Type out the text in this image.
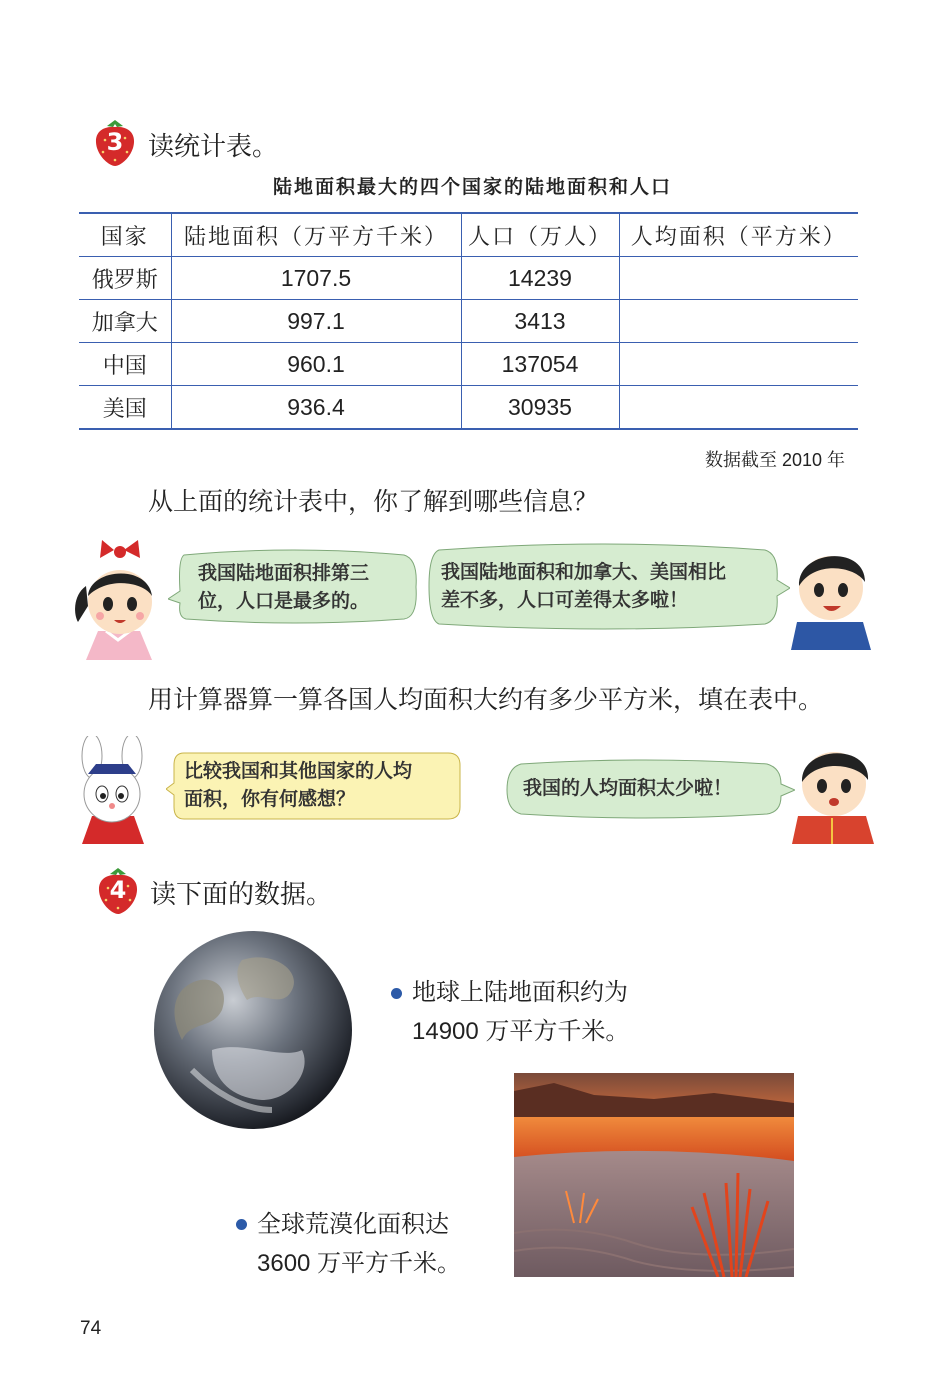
3 读统计表。
陆地面积最大的四个国家的陆地面积和人口
国家	陆地面积（万平方千米）	人口（万人）	人均面积（平方米）
俄罗斯	1707.5	14239	
加拿大	997.1	3413	
中国	960.1	137054	
美国	936.4	30935	
数据截至 2010 年
从上面的统计表中，你了解到哪些信息？
我国陆地面积排第三
位，人口是最多的。
我国陆地面积和加拿大、美国相比
差不多，人口可差得太多啦！
用计算器算一算各国人均面积大约有多少平方米，填在表中。
比较我国和其他国家的人均
面积，你有何感想？	我国的人均面积太少啦！
4 读下面的数据。
地球上陆地面积约为
14900 万平方千米。
全球荒漠化面积达
3600 万平方千米。
74
